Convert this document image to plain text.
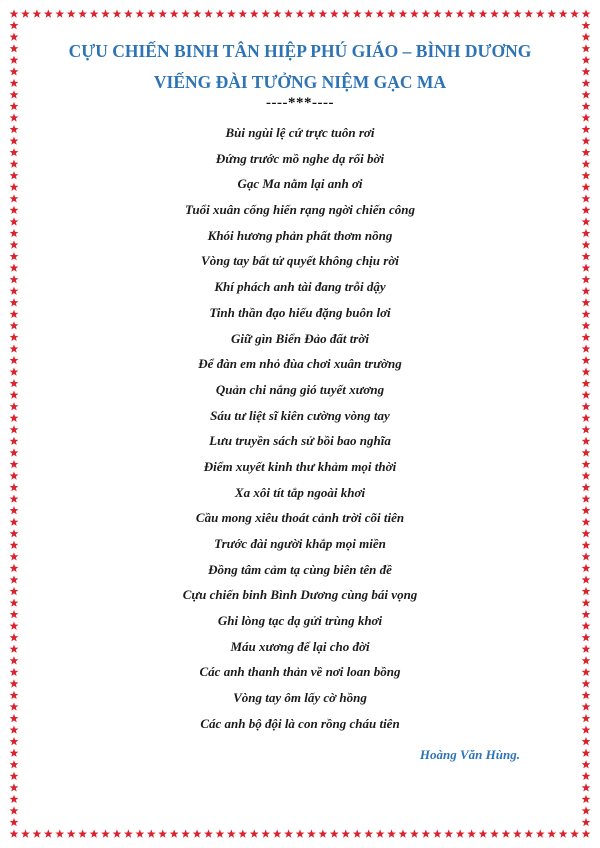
CỰU CHIẾN BINH TÂN HIỆP PHÚ GIÁO – BÌNH DƯƠNG
VIẾNG ĐÀI TƯỞNG NIỆM GẠC MA
----***----
Bùi ngùi lệ cứ trực tuôn rơi
Đứng trước mồ nghe dạ rối bời
Gạc Ma nằm lại anh ơi
Tuổi xuân cống hiến rạng ngời chiến công
Khói hương phản phất thơm nồng
Vòng tay bất tử quyết không chịu rời
Khí phách anh tài đang trỗi dậy
Tinh thần đạo hiếu đặng buôn lơi
Giữ gìn Biển Đảo đất trời
Để đàn em nhỏ đùa chơi xuân trường
Quản chi nắng gió tuyết xương
Sáu tư liệt sĩ kiên cường vòng tay
Lưu truyền sách sử bồi bao nghĩa
Điểm xuyết kinh thư khảm mọi thời
Xa xôi tít tắp ngoài khơi
Cầu mong xiêu thoát cảnh trời cõi tiên
Trước đài người khắp mọi miền
Đồng tâm cảm tạ cùng biên tên đề
Cựu chiến binh Bình Dương cùng bái vọng
Ghi lòng tạc dạ gửi trùng khơi
Máu xương để lại cho đời
Các anh thanh thản về nơi loan bồng
Vòng tay ôm lấy cờ hồng
Các anh bộ đội là con rồng cháu tiên
Hoàng Văn Hùng.
